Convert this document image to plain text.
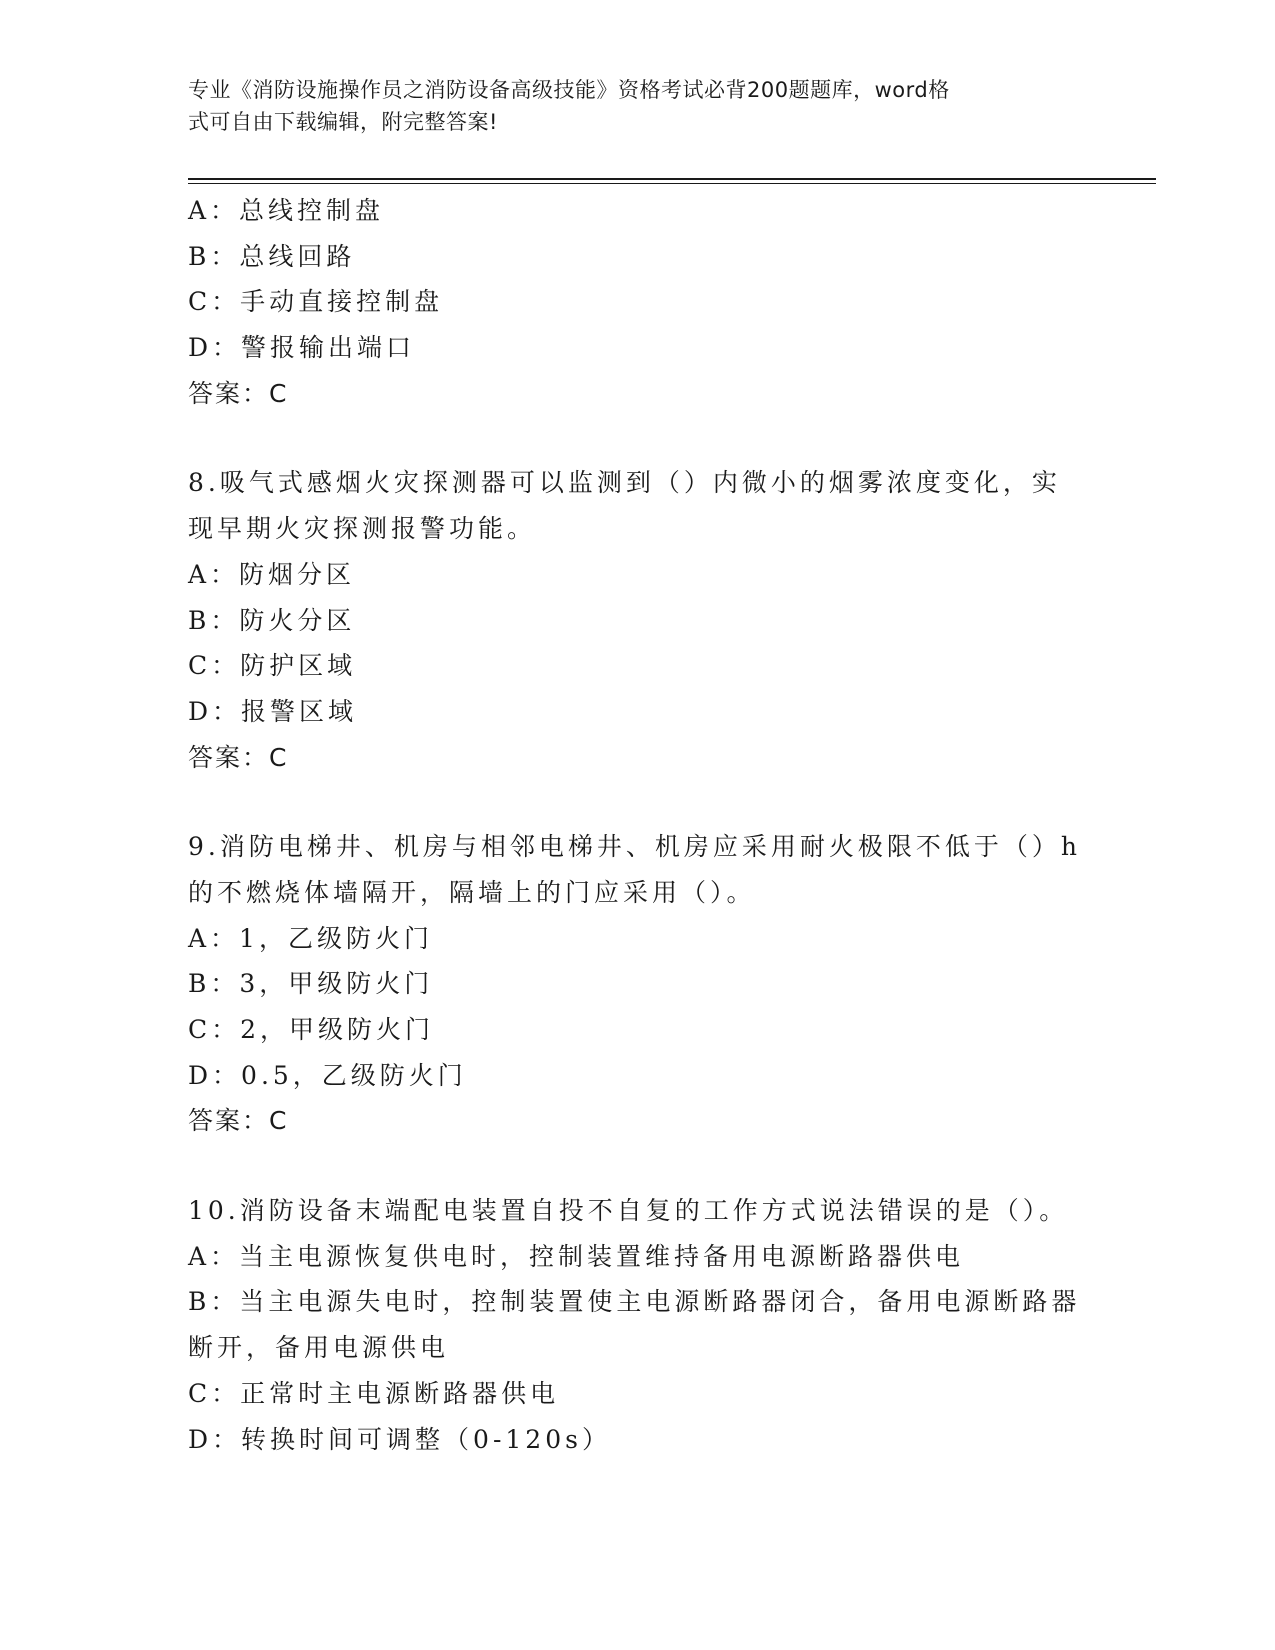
专业《消防设施操作员之消防设备高级技能》资格考试必背200题题库，word格
式可自由下载编辑，附完整答案!
A：总线控制盘
B：总线回路
C：手动直接控制盘
D：警报输出端口
答案：C
8.吸气式感烟火灾探测器可以监测到（）内微小的烟雾浓度变化，实
现早期火灾探测报警功能。
A：防烟分区
B：防火分区
C：防护区域
D：报警区域
答案：C
9.消防电梯井、机房与相邻电梯井、机房应采用耐火极限不低于（）h
的不燃烧体墙隔开，隔墙上的门应采用（）。
A：1，乙级防火门
B：3，甲级防火门
C：2，甲级防火门
D：0.5，乙级防火门
答案：C
10.消防设备末端配电装置自投不自复的工作方式说法错误的是（）。
A：当主电源恢复供电时，控制装置维持备用电源断路器供电
B：当主电源失电时，控制装置使主电源断路器闭合，备用电源断路器
断开，备用电源供电
C：正常时主电源断路器供电
D：转换时间可调整（0-120s）
